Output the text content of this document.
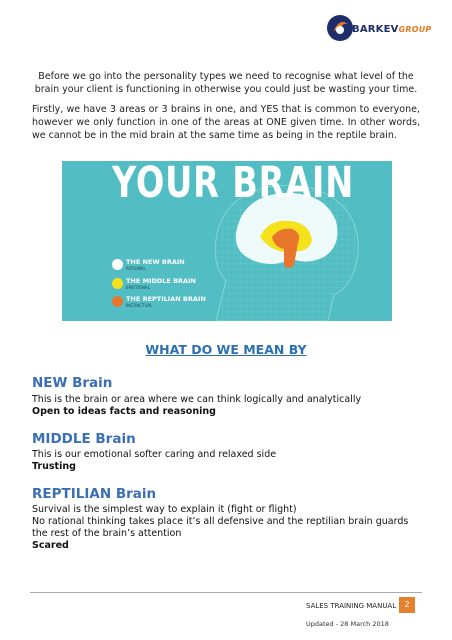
BARKEVGROUP
Before we go into the personality types we need to recognise what level of the brain your client is functioning in otherwise you could just be wasting your time.
Firstly, we have 3 areas or 3 brains in one, and YES that is common to everyone, however we only function in one of the areas at ONE given time. In other words, we cannot be in the mid brain at the same time as being in the reptile brain.
YOUR BRAIN
THE NEW BRAIN
RATIONAL
THE MIDDLE BRAIN
EMOTIONAL
THE REPTILIAN BRAIN
INSTINCTUAL
WHAT DO WE MEAN BY
NEW Brain
This is the brain or area where we can think logically and analytically
Open to ideas facts and reasoning
MIDDLE Brain
This is our emotional softer caring and relaxed side
Trusting
REPTILIAN Brain
Survival is the simplest way to explain it (fight or flight)
No rational thinking takes place it’s all defensive and the reptilian brain guards the rest of the brain’s attention
Scared
SALES TRAINING MANUAL	2
Updated - 28 March 2018
